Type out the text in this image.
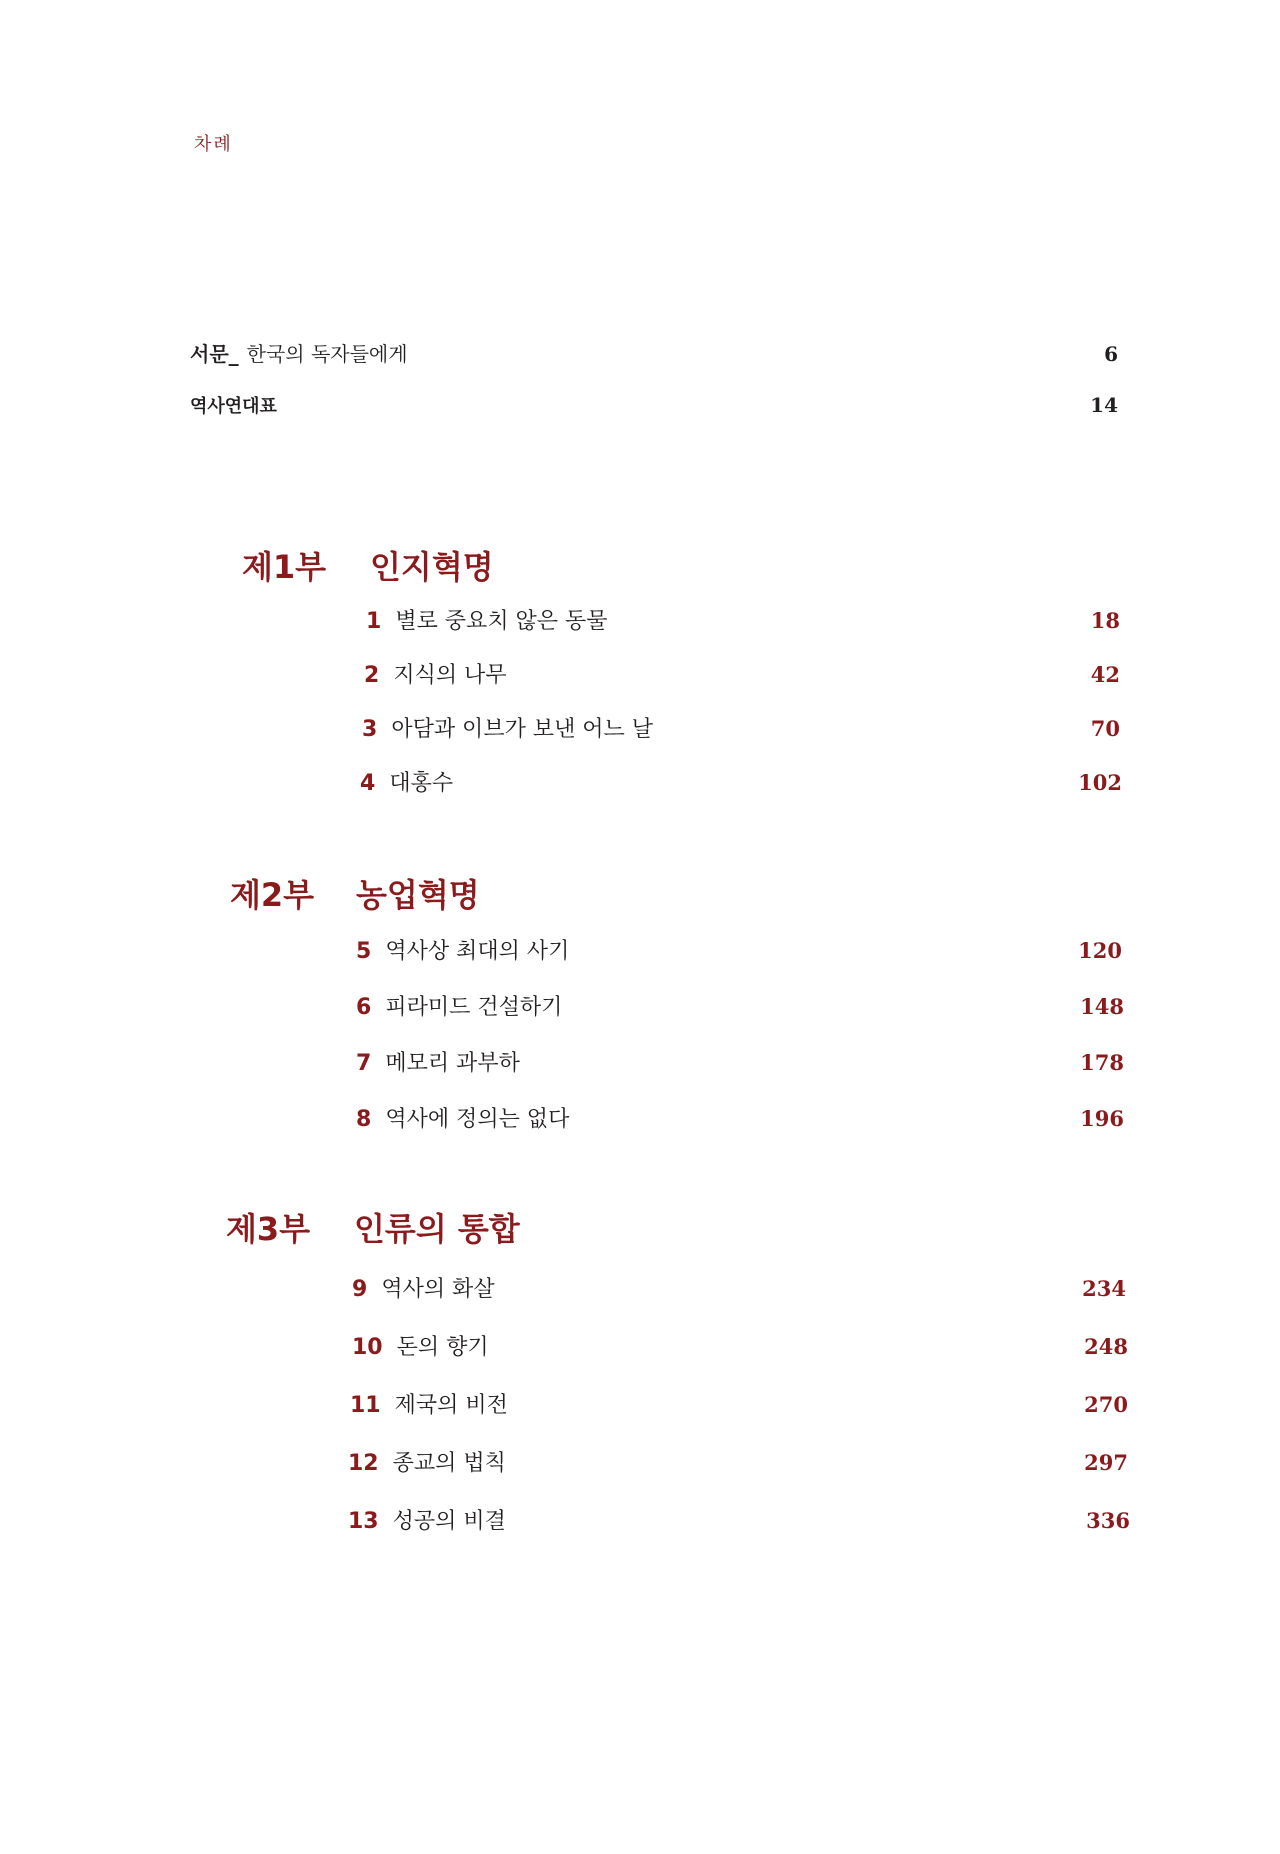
차례
서문_ 한국의 독자들에게	6
역사연대표	14
제1부 인지혁명
1 별로 중요치 않은 동물	18
2 지식의 나무	42
3 아담과 이브가 보낸 어느 날	70
4 대홍수	102
제2부 농업혁명
5 역사상 최대의 사기	120
6 피라미드 건설하기	148
7 메모리 과부하	178
8 역사에 정의는 없다	196
제3부 인류의 통합
9 역사의 화살	234
10 돈의 향기	248
11 제국의 비전	270
12 종교의 법칙	297
13 성공의 비결	336
